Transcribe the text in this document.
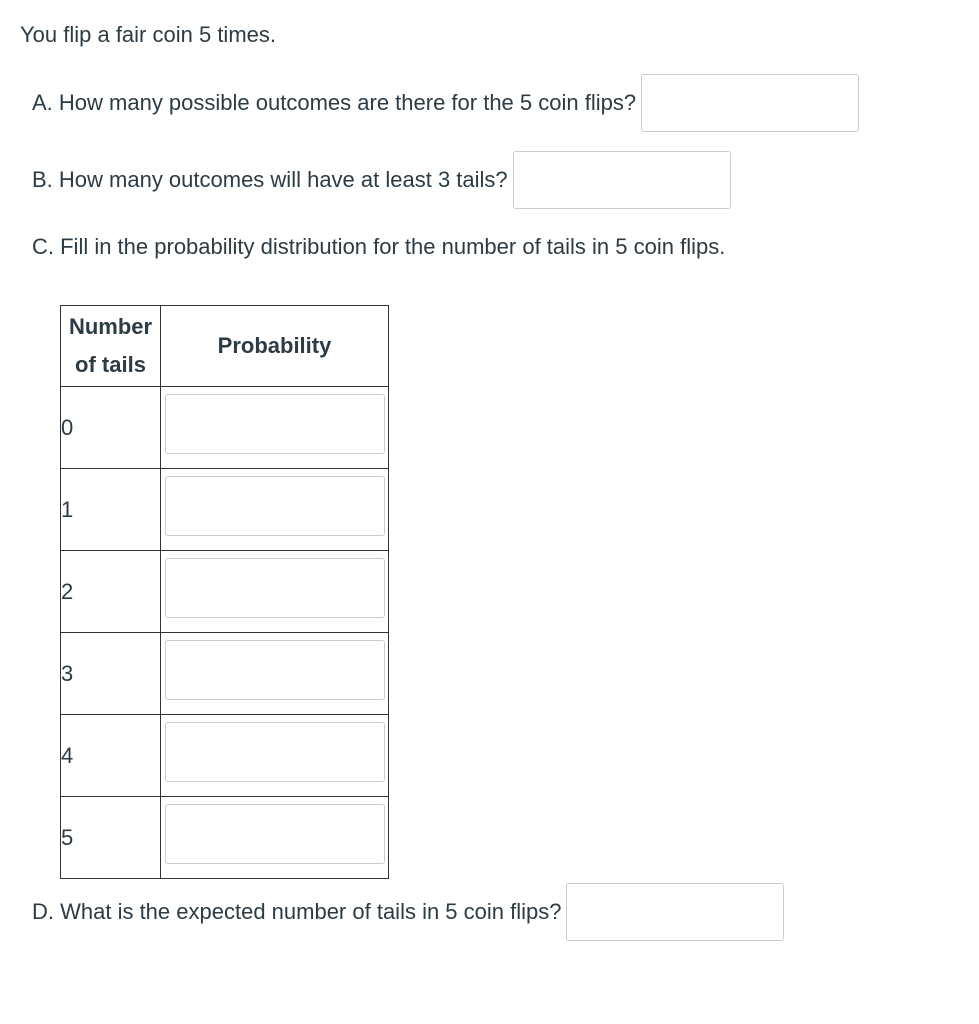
You flip a fair coin 5 times.

A. How many possible outcomes are there for the 5 coin flips?
B. How many outcomes will have at least 3 tails?
C. Fill in the probability distribution for the number of tails in 5 coin flips.
Number
of tails	Probability
0	
1	
2	
3	
4	
5	
D. What is the expected number of tails in 5 coin flips?
